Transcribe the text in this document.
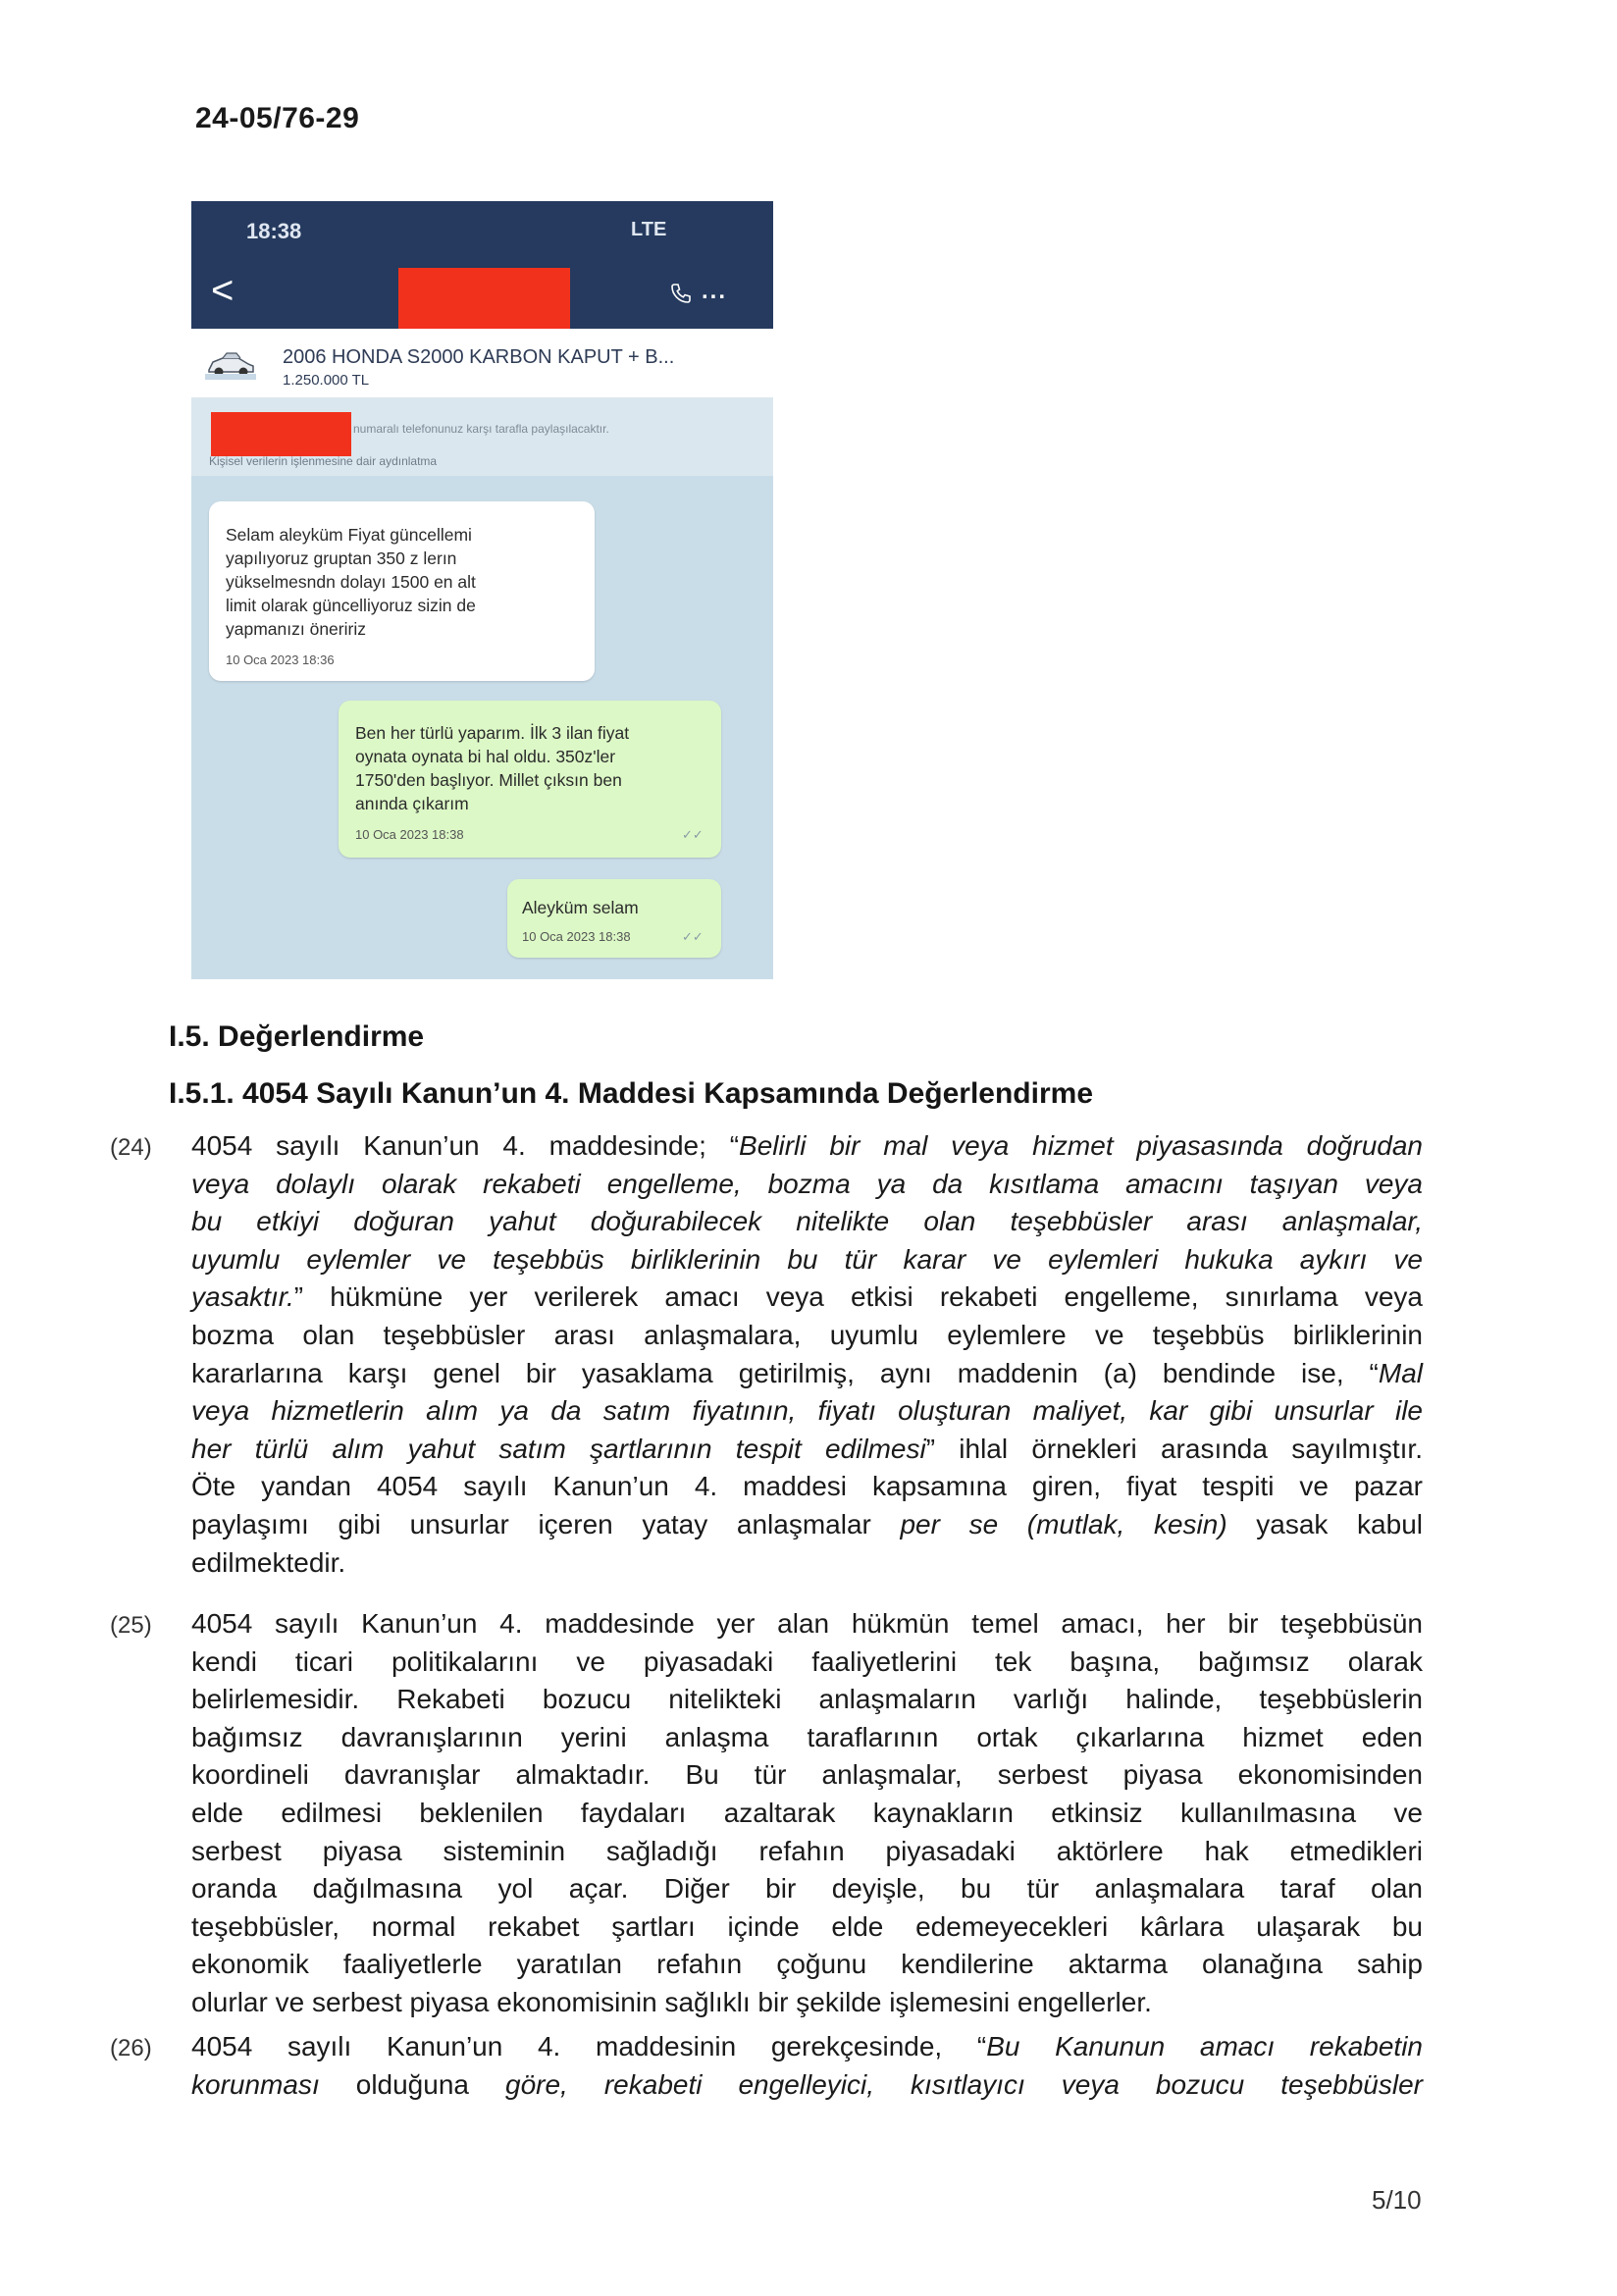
24-05/76-29
18:38	LTE
<	...
2006 HONDA S2000 KARBON KAPUT + B...
1.250.000 TL
numaralı telefonunuz karşı tarafla paylaşılacaktır.
Kişisel verilerin işlenmesine dair aydınlatma
Selam aleyküm Fiyat güncellemi
yapılıyoruz gruptan 350 z lerın
yükselmesndn dolayı 1500 en alt
limit olarak güncelliyoruz sizin de
yapmanızı öneririz
10 Oca 2023 18:36
Ben her türlü yaparım. İlk 3 ilan fiyat
oynata oynata bi hal oldu. 350z'ler
1750'den başlıyor. Millet çıksın ben
anında çıkarım
10 Oca 2023 18:38	✓✓
Aleyküm selam
10 Oca 2023 18:38	✓✓
I.5. Değerlendirme
I.5.1. 4054 Sayılı Kanun’un 4. Maddesi Kapsamında Değerlendirme
(24) 4054 sayılı Kanun’un 4. maddesinde; “Belirli bir mal veya hizmet piyasasında doğrudan
veya dolaylı olarak rekabeti engelleme, bozma ya da kısıtlama amacını taşıyan veya
bu etkiyi doğuran yahut doğurabilecek nitelikte olan teşebbüsler arası anlaşmalar,
uyumlu eylemler ve teşebbüs birliklerinin bu tür karar ve eylemleri hukuka aykırı ve
yasaktır.” hükmüne yer verilerek amacı veya etkisi rekabeti engelleme, sınırlama veya
bozma olan teşebbüsler arası anlaşmalara, uyumlu eylemlere ve teşebbüs birliklerinin
kararlarına karşı genel bir yasaklama getirilmiş, aynı maddenin (a) bendinde ise, “Mal
veya hizmetlerin alım ya da satım fiyatının, fiyatı oluşturan maliyet, kar gibi unsurlar ile
her türlü alım yahut satım şartlarının tespit edilmesi” ihlal örnekleri arasında sayılmıştır.
Öte yandan 4054 sayılı Kanun’un 4. maddesi kapsamına giren, fiyat tespiti ve pazar
paylaşımı gibi unsurlar içeren yatay anlaşmalar per se (mutlak, kesin) yasak kabul
edilmektedir.
(25) 4054 sayılı Kanun’un 4. maddesinde yer alan hükmün temel amacı, her bir teşebbüsün
kendi ticari politikalarını ve piyasadaki faaliyetlerini tek başına, bağımsız olarak
belirlemesidir. Rekabeti bozucu nitelikteki anlaşmaların varlığı halinde, teşebbüslerin
bağımsız davranışlarının yerini anlaşma taraflarının ortak çıkarlarına hizmet eden
koordineli davranışlar almaktadır. Bu tür anlaşmalar, serbest piyasa ekonomisinden
elde edilmesi beklenilen faydaları azaltarak kaynakların etkinsiz kullanılmasına ve
serbest piyasa sisteminin sağladığı refahın piyasadaki aktörlere hak etmedikleri
oranda dağılmasına yol açar. Diğer bir deyişle, bu tür anlaşmalara taraf olan
teşebbüsler, normal rekabet şartları içinde elde edemeyecekleri kârlara ulaşarak bu
ekonomik faaliyetlerle yaratılan refahın çoğunu kendilerine aktarma olanağına sahip
olurlar ve serbest piyasa ekonomisinin sağlıklı bir şekilde işlemesini engellerler.
(26) 4054 sayılı Kanun’un 4. maddesinin gerekçesinde, “Bu Kanunun amacı rekabetin
korunması olduğuna göre, rekabeti engelleyici, kısıtlayıcı veya bozucu teşebbüsler
5/10
